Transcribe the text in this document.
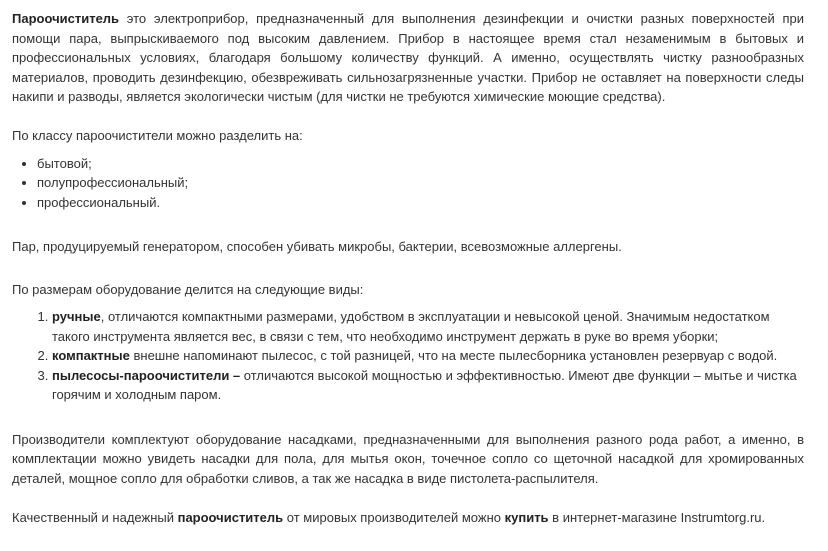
Пароочиститель это электроприбор, предназначенный для выполнения дезинфекции и очистки разных поверхностей при помощи пара, выпрыскиваемого под высоким давлением. Прибор в настоящее время стал незаменимым в бытовых и профессиональных условиях, благодаря большому количеству функций. А именно, осуществлять чистку разнообразных материалов, проводить дезинфекцию, обезвреживать сильнозагрязненные участки. Прибор не оставляет на поверхности следы накипи и разводы, является экологически чистым (для чистки не требуются химические моющие средства).

По классу пароочистители можно разделить на:

• бытовой;
• полупрофессиональный;
• профессиональный.

Пар, продуцируемый генератором, способен убивать микробы, бактерии, всевозможные аллергены.

По размерам оборудование делится на следующие виды:

1. ручные, отличаются компактными размерами, удобством в эксплуатации и невысокой ценой. Значимым недостатком такого инструмента является вес, в связи с тем, что необходимо инструмент держать в руке во время уборки;
2. компактные внешне напоминают пылесос, с той разницей, что на месте пылесборника установлен резервуар с водой.
3. пылесосы-пароочистители – отличаются высокой мощностью и эффективностью. Имеют две функции – мытье и чистка горячим и холодным паром.

Производители комплектуют оборудование насадками, предназначенными для выполнения разного рода работ, а именно, в комплектации можно увидеть насадки для пола, для мытья окон, точечное сопло со щеточной насадкой для хромированных деталей, мощное сопло для обработки сливов, а так же насадка в виде пистолета-распылителя.

Качественный и надежный пароочиститель от мировых производителей можно купить в интернет-магазине Instrumtorg.ru.
